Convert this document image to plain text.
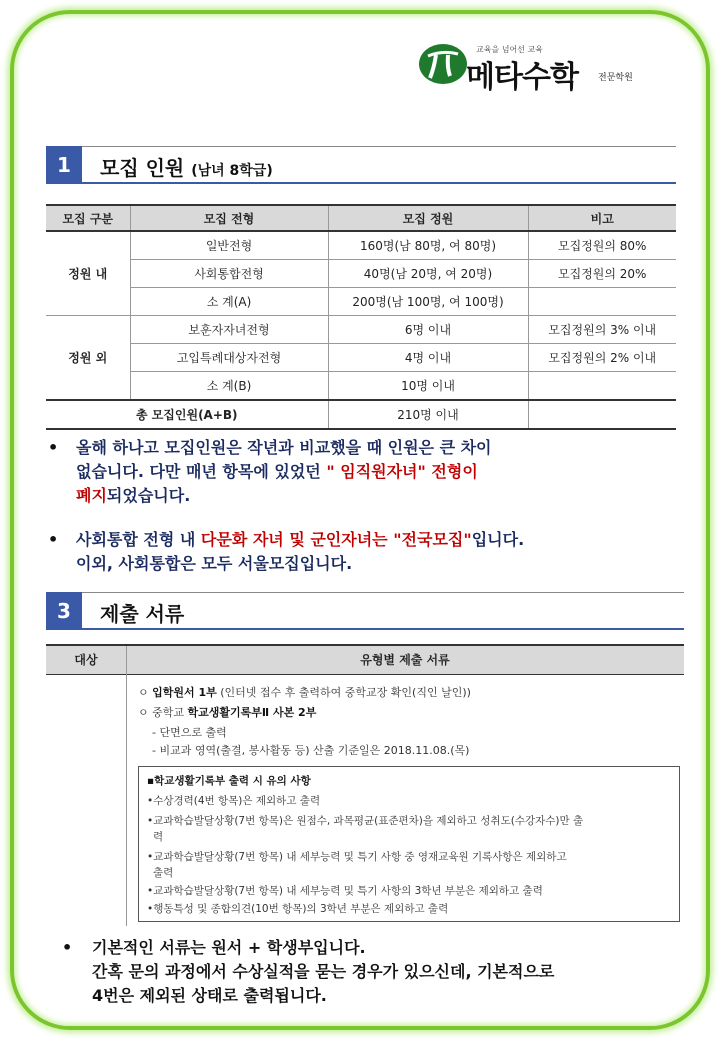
교육을 넘어선 교육
메타수학 전문학원
1	모집 인원 (남녀 8학급)
모집 구분	모집 전형	모집 정원	비고
정원 내	일반전형	160명(남 80명, 여 80명)	모집정원의 80%
	사회통합전형	40명(남 20명, 여 20명)	모집정원의 20%
	소 계(A)	200명(남 100명, 여 100명)	
정원 외	보훈자자녀전형	6명 이내	모집정원의 3% 이내
	고입특례대상자전형	4명 이내	모집정원의 2% 이내
	소 계(B)	10명 이내	
총 모집인원(A+B)		210명 이내	
• 올해 하나고 모집인원은 작년과 비교했을 때 인원은 큰 차이
없습니다. 다만 매년 항목에 있었던 " 임직원자녀" 전형이
폐지되었습니다.
• 사회통합 전형 내 다문화 자녀 및 군인자녀는 "전국모집"입니다.
이외, 사회통합은 모두 서울모집입니다.
3	제출 서류
대상	유형별 제출 서류
ㅇ 입학원서 1부 (인터넷 접수 후 출력하여 중학교장 확인(직인 날인))
ㅇ 중학교 학교생활기록부Ⅱ 사본 2부
- 단면으로 출력
- 비교과 영역(출결, 봉사활동 등) 산출 기준일은 2018.11.08.(목)
▪학교생활기록부 출력 시 유의 사항
•수상경력(4번 항목)은 제외하고 출력
•교과학습발달상황(7번 항목)은 원점수, 과목평균(표준편차)을 제외하고 성취도(수강자수)만 출
력
•교과학습발달상황(7번 항목) 내 세부능력 및 특기 사항 중 영재교육원 기록사항은 제외하고
출력
•교과학습발달상황(7번 항목) 내 세부능력 및 특기 사항의 3학년 부분은 제외하고 출력
•행동특성 및 종합의견(10번 항목)의 3학년 부분은 제외하고 출력
• 기본적인 서류는 원서 + 학생부입니다.
간혹 문의 과정에서 수상실적을 묻는 경우가 있으신데, 기본적으로
4번은 제외된 상태로 출력됩니다.
